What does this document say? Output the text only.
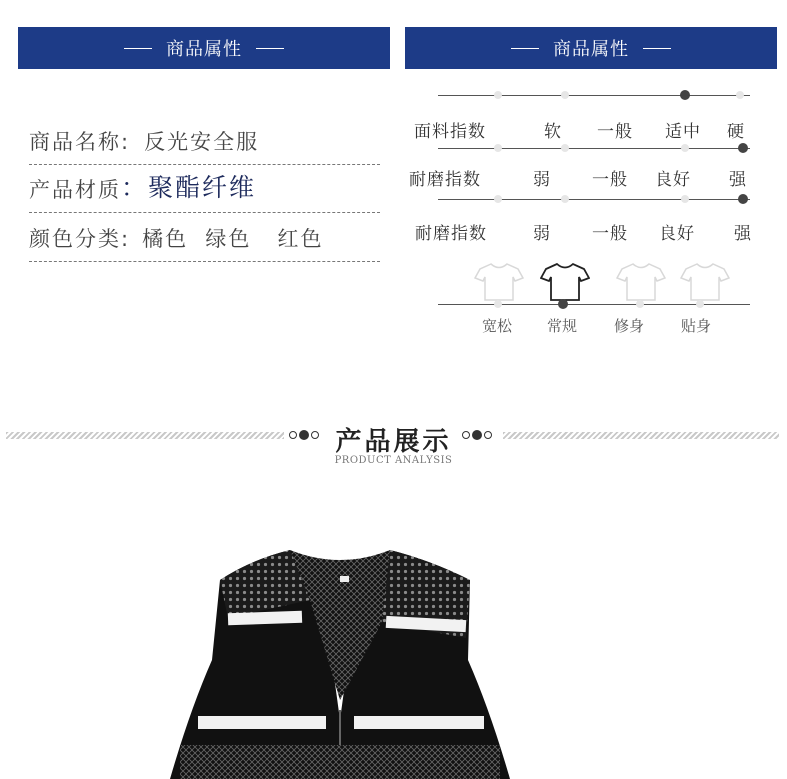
商品属性	商品属性
商品名称: 反光安全服
产品材质 ：聚酯纤维
颜色分类: 橘色  绿色   红色
面料指数	软 一般 适中 硬
耐磨指数	弱 一般 良好 强
耐磨指数	弱 一般 良好 强
宽松 常规 修身 贴身
产品展示
PRODUCT ANALYSIS
